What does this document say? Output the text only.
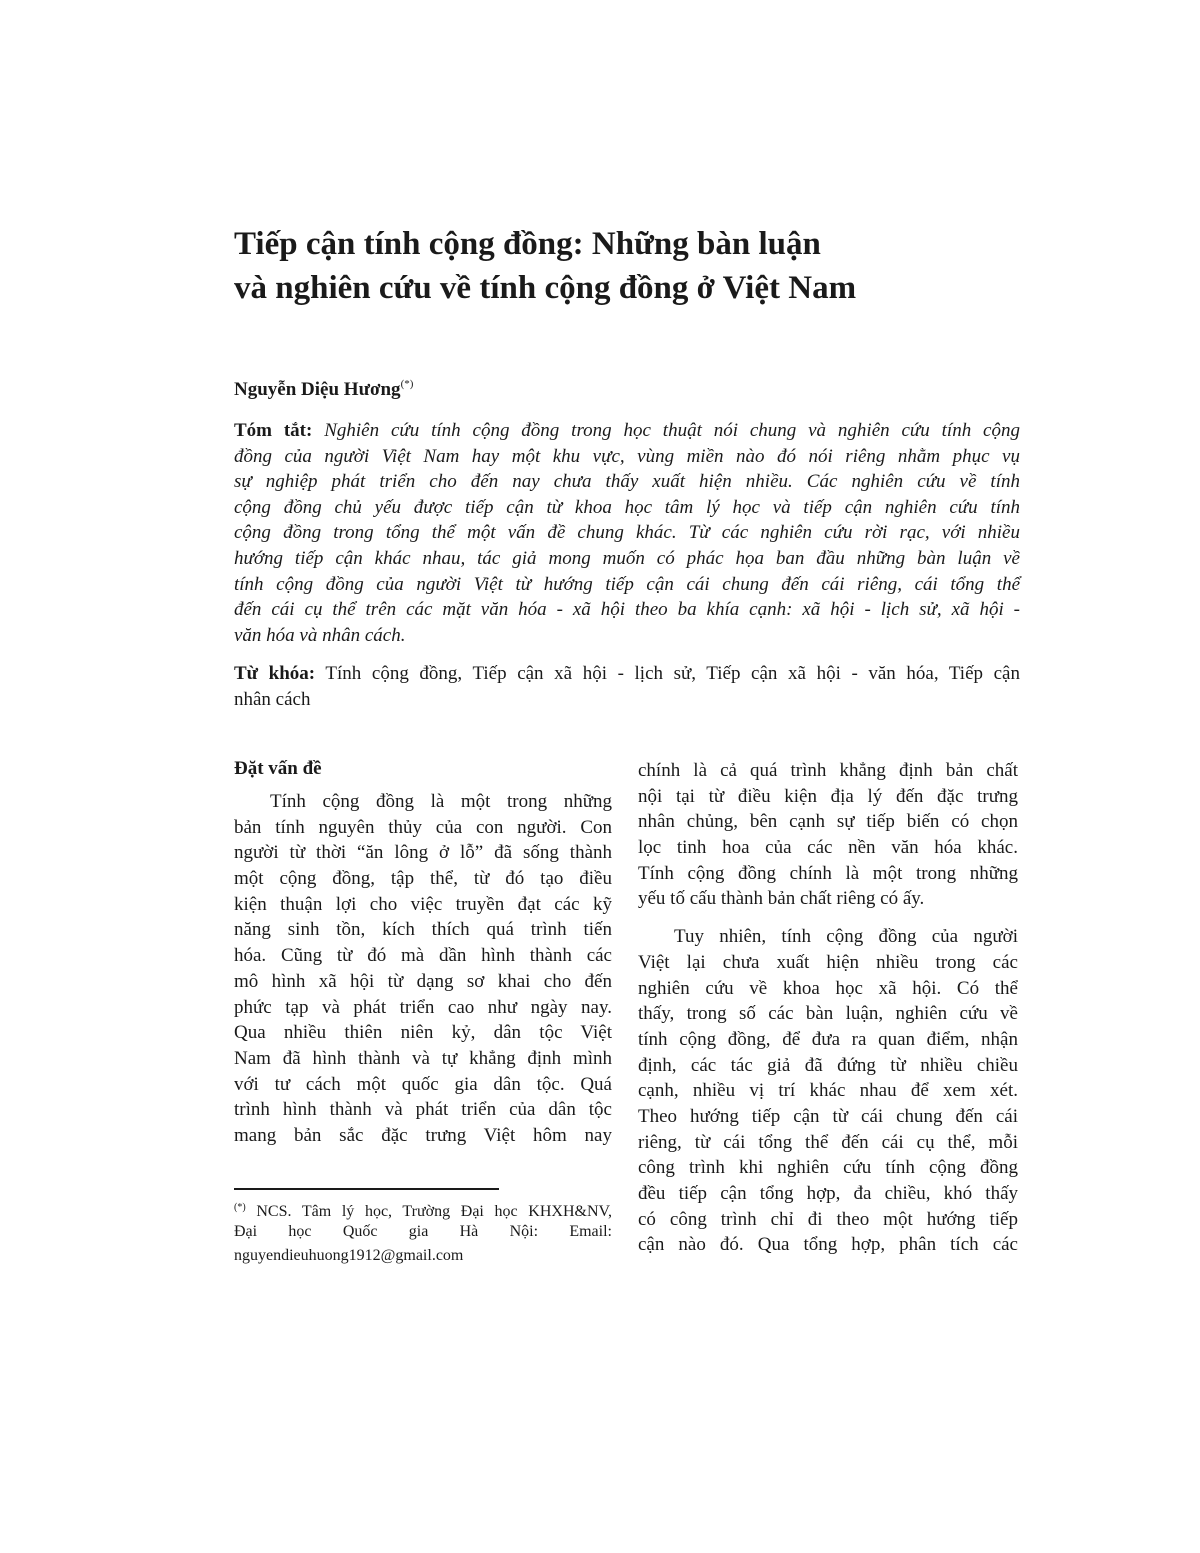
Tiếp cận tính cộng đồng: Những bàn luận
và nghiên cứu về tính cộng đồng ở Việt Nam
Nguyễn Diệu Hương(*)
Tóm tắt: Nghiên cứu tính cộng đồng trong học thuật nói chung và nghiên cứu tính cộng
đồng của người Việt Nam hay một khu vực, vùng miền nào đó nói riêng nhằm phục vụ
sự nghiệp phát triển cho đến nay chưa thấy xuất hiện nhiều. Các nghiên cứu về tính
cộng đồng chủ yếu được tiếp cận từ khoa học tâm lý học và tiếp cận nghiên cứu tính
cộng đồng trong tổng thể một vấn đề chung khác. Từ các nghiên cứu rời rạc, với nhiều
hướng tiếp cận khác nhau, tác giả mong muốn có phác họa ban đầu những bàn luận về
tính cộng đồng của người Việt từ hướng tiếp cận cái chung đến cái riêng, cái tổng thể
đến cái cụ thể trên các mặt văn hóa - xã hội theo ba khía cạnh: xã hội - lịch sử, xã hội -
văn hóa và nhân cách.
Từ khóa: Tính cộng đồng, Tiếp cận xã hội - lịch sử, Tiếp cận xã hội - văn hóa, Tiếp cận
nhân cách
Đặt vấn đề
Tính cộng đồng là một trong những
bản tính nguyên thủy của con người. Con
người từ thời “ăn lông ở lỗ” đã sống thành
một cộng đồng, tập thể, từ đó tạo điều
kiện thuận lợi cho việc truyền đạt các kỹ
năng sinh tồn, kích thích quá trình tiến
hóa. Cũng từ đó mà dần hình thành các
mô hình xã hội từ dạng sơ khai cho đến
phức tạp và phát triển cao như ngày nay.
Qua nhiều thiên niên kỷ, dân tộc Việt
Nam đã hình thành và tự khẳng định mình
với tư cách một quốc gia dân tộc. Quá
trình hình thành và phát triển của dân tộc
mang bản sắc đặc trưng Việt hôm nay
chính là cả quá trình khẳng định bản chất
nội tại từ điều kiện địa lý đến đặc trưng
nhân chủng, bên cạnh sự tiếp biến có chọn
lọc tinh hoa của các nền văn hóa khác.
Tính cộng đồng chính là một trong những
yếu tố cấu thành bản chất riêng có ấy.
Tuy nhiên, tính cộng đồng của người
Việt lại chưa xuất hiện nhiều trong các
nghiên cứu về khoa học xã hội. Có thể
thấy, trong số các bàn luận, nghiên cứu về
tính cộng đồng, để đưa ra quan điểm, nhận
định, các tác giả đã đứng từ nhiều chiều
cạnh, nhiều vị trí khác nhau để xem xét.
Theo hướng tiếp cận từ cái chung đến cái
riêng, từ cái tổng thể đến cái cụ thể, mỗi
công trình khi nghiên cứu tính cộng đồng
đều tiếp cận tổng hợp, đa chiều, khó thấy
có công trình chỉ đi theo một hướng tiếp
cận nào đó. Qua tổng hợp, phân tích các
(*) NCS. Tâm lý học, Trường Đại học KHXH&NV,
Đại học Quốc gia Hà Nội: Email:
nguyendieuhuong1912@gmail.com
